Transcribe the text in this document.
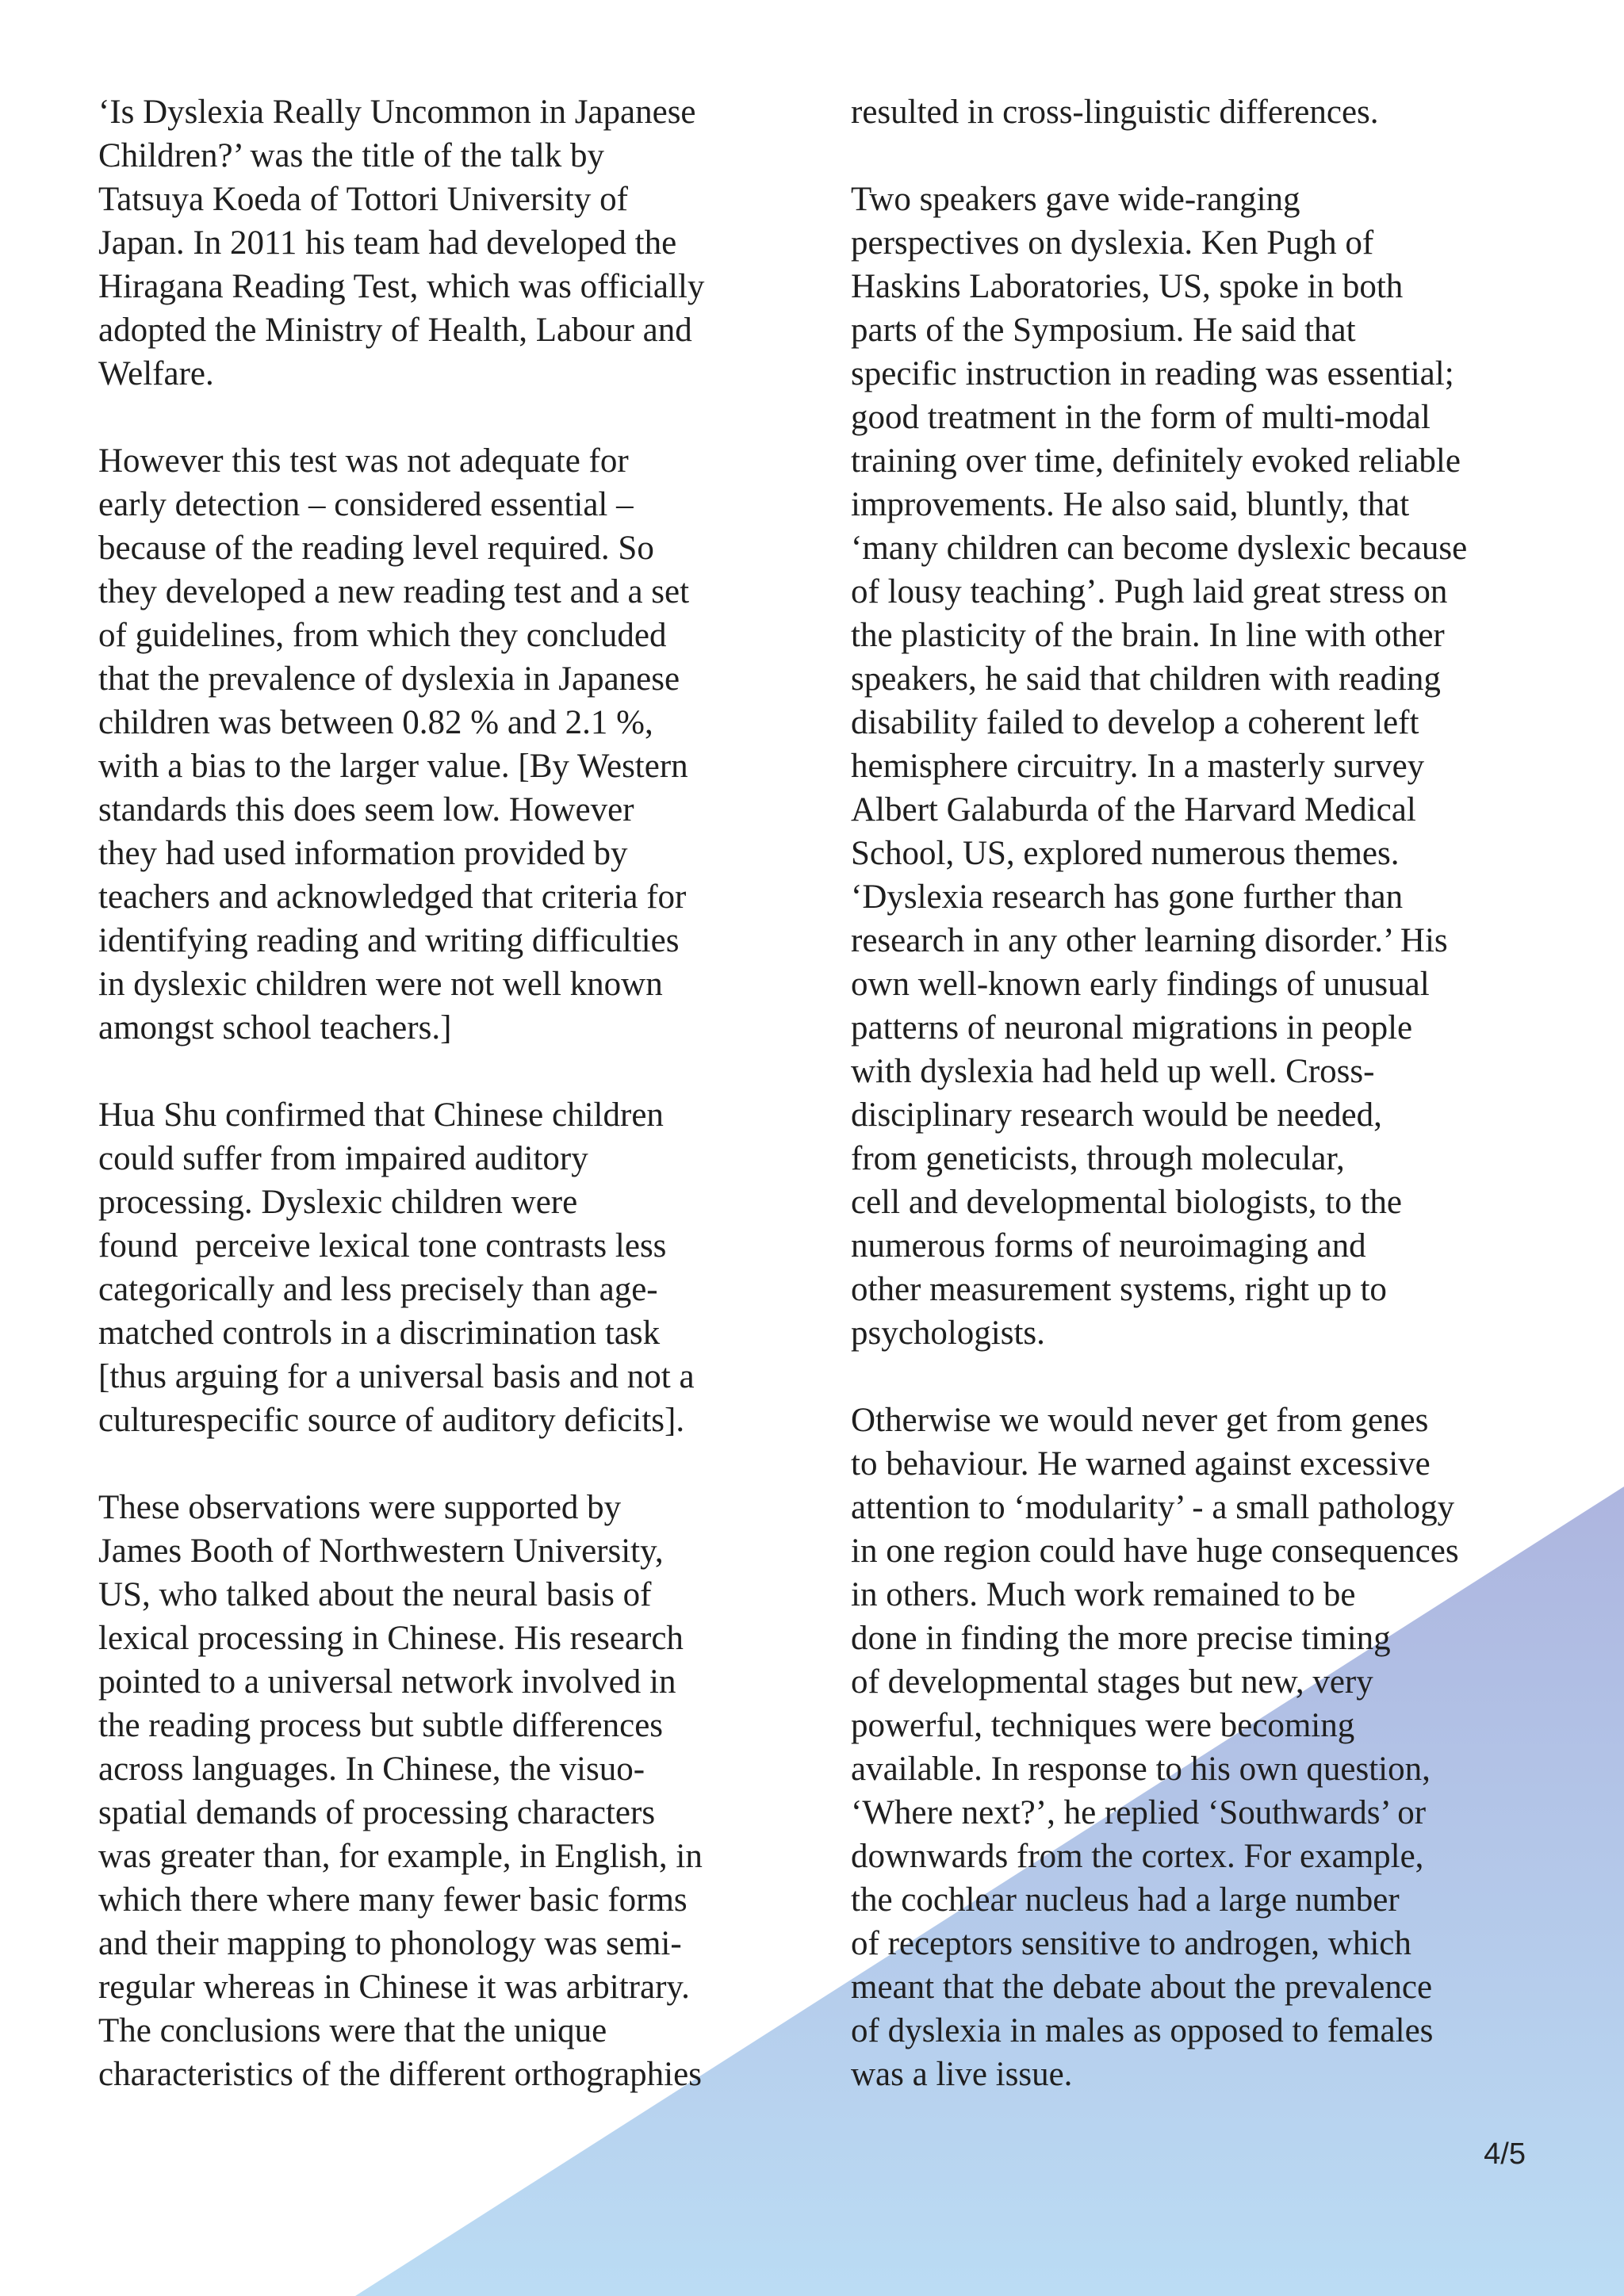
‘Is Dyslexia Really Uncommon in Japanese
Children?’ was the title of the talk by
Tatsuya Koeda of Tottori University of
Japan. In 2011 his team had developed the
Hiragana Reading Test, which was officially
adopted the Ministry of Health, Labour and
Welfare.
However this test was not adequate for
early detection – considered essential –
because of the reading level required. So
they developed a new reading test and a set
of guidelines, from which they concluded
that the prevalence of dyslexia in Japanese
children was between 0.82 % and 2.1 %,
with a bias to the larger value. [By Western
standards this does seem low. However
they had used information provided by
teachers and acknowledged that criteria for
identifying reading and writing difficulties
in dyslexic children were not well known
amongst school teachers.]
Hua Shu confirmed that Chinese children
could suffer from impaired auditory
processing. Dyslexic children were
found  perceive lexical tone contrasts less
categorically and less precisely than age-
matched controls in a discrimination task
[thus arguing for a universal basis and not a
culturespecific source of auditory deficits].
These observations were supported by
James Booth of Northwestern University,
US, who talked about the neural basis of
lexical processing in Chinese. His research
pointed to a universal network involved in
the reading process but subtle differences
across languages. In Chinese, the visuo-
spatial demands of processing characters
was greater than, for example, in English, in
which there where many fewer basic forms
and their mapping to phonology was semi-
regular whereas in Chinese it was arbitrary.
The conclusions were that the unique
characteristics of the different orthographies
resulted in cross-linguistic differences.
Two speakers gave wide-ranging
perspectives on dyslexia. Ken Pugh of
Haskins Laboratories, US, spoke in both
parts of the Symposium. He said that
specific instruction in reading was essential;
good treatment in the form of multi-modal
training over time, definitely evoked reliable
improvements. He also said, bluntly, that
‘many children can become dyslexic because
of lousy teaching’. Pugh laid great stress on
the plasticity of the brain. In line with other
speakers, he said that children with reading
disability failed to develop a coherent left
hemisphere circuitry. In a masterly survey
Albert Galaburda of the Harvard Medical
School, US, explored numerous themes.
‘Dyslexia research has gone further than
research in any other learning disorder.’ His
own well-known early findings of unusual
patterns of neuronal migrations in people
with dyslexia had held up well. Cross-
disciplinary research would be needed,
from geneticists, through molecular,
cell and developmental biologists, to the
numerous forms of neuroimaging and
other measurement systems, right up to
psychologists.
Otherwise we would never get from genes
to behaviour. He warned against excessive
attention to ‘modularity’ - a small pathology
in one region could have huge consequences
in others. Much work remained to be
done in finding the more precise timing
of developmental stages but new, very
powerful, techniques were becoming
available. In response to his own question,
‘Where next?’, he replied ‘Southwards’ or
downwards from the cortex. For example,
the cochlear nucleus had a large number
of receptors sensitive to androgen, which
meant that the debate about the prevalence
of dyslexia in males as opposed to females
was a live issue.
4/5
